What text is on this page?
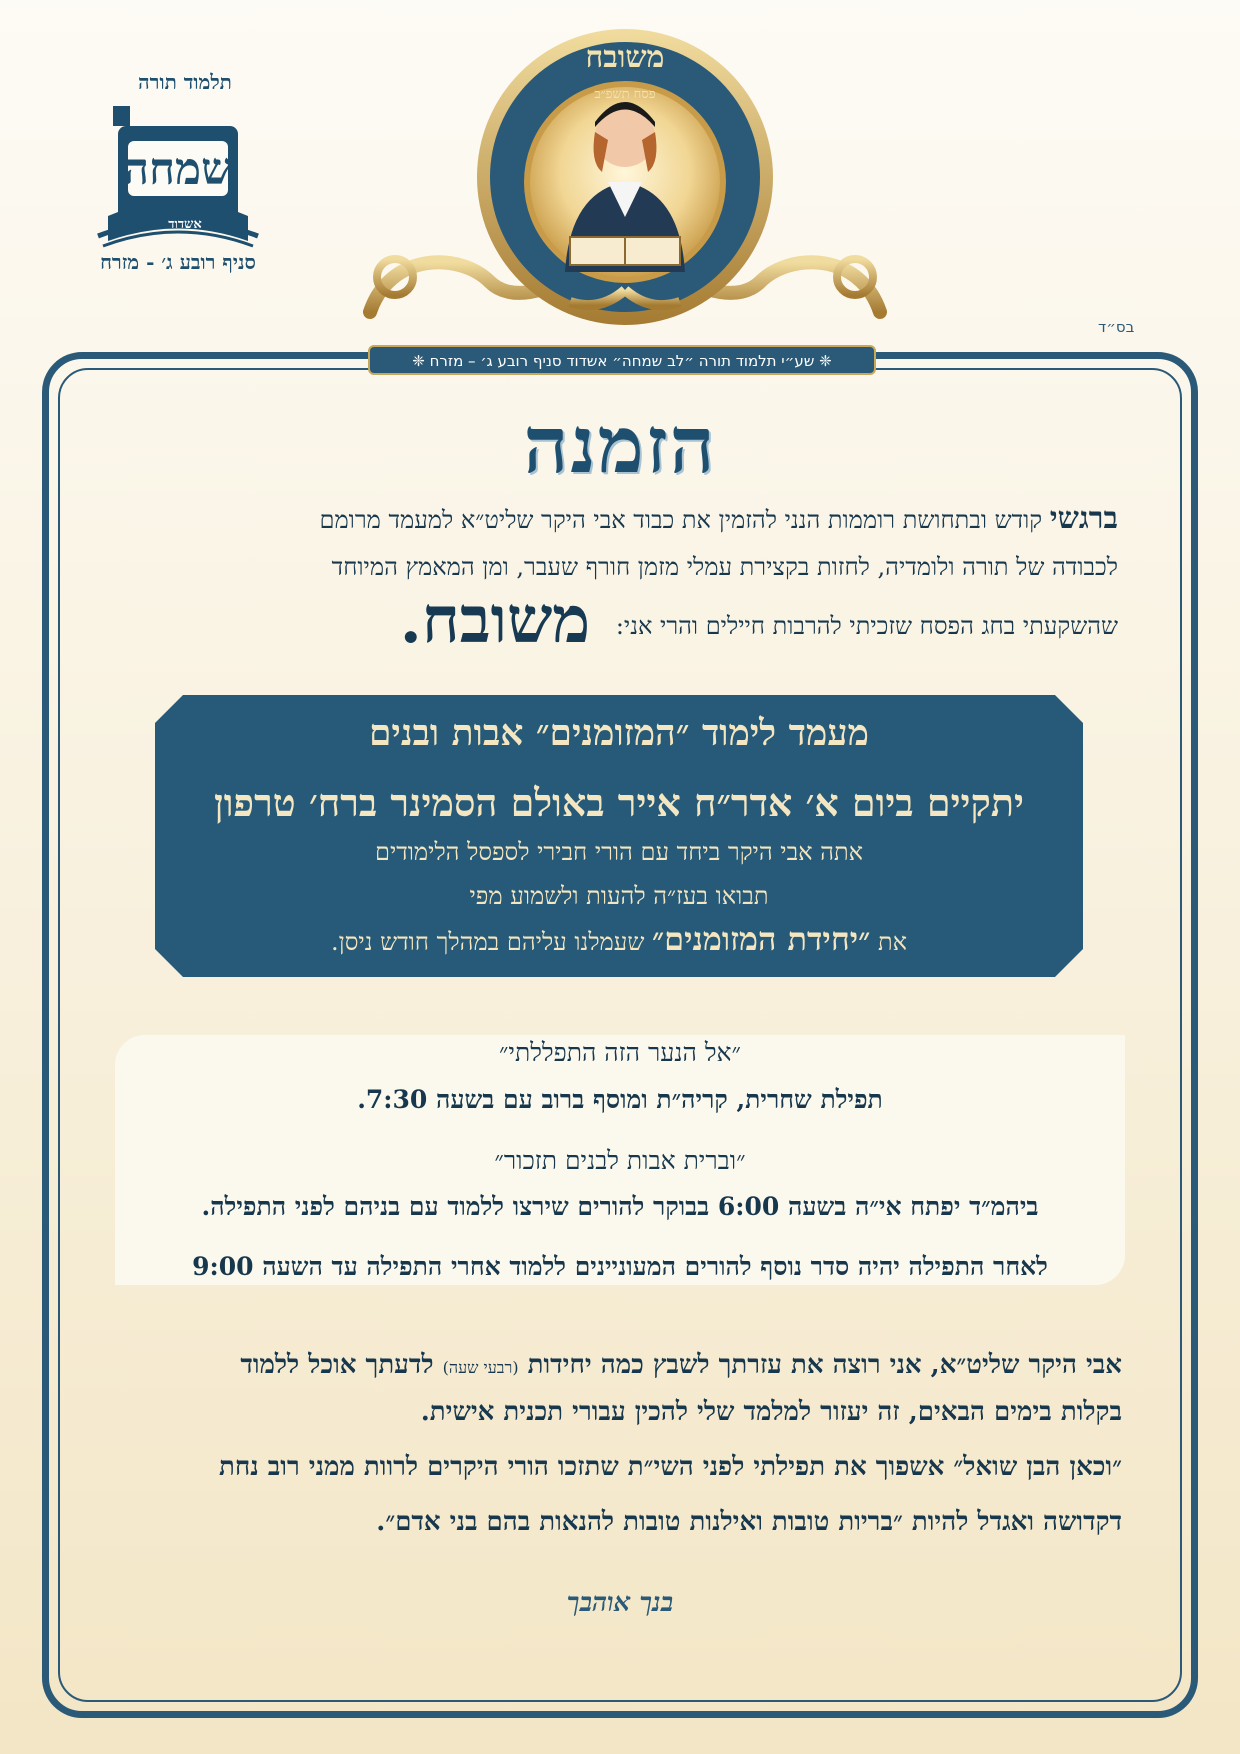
שמחה
תלמוד תורה
אשדוד
סניף רובע ג׳ - מזרח
משובח
פסח תשפ״ב
בס״ד
❈ שע״י תלמוד תורה ״לב שמחה״ אשדוד סניף רובע ג׳ – מזרח ❈
הזמנה
ברגשי קודש ובתחושת רוממות הנני להזמין את כבוד אבי היקר שליט״א למעמד מרומם
לכבודה של תורה ולומדיה, לחזות בקצירת עמלי מזמן חורף שעבר, ומן המאמץ המיוחד
שהשקעתי בחג הפסח שזכיתי להרבות חיילים והרי אני: משובח.
מעמד לימוד ״המזומנים״ אבות ובנים
יתקיים ביום א׳ אדר״ח אייר באולם הסמינר ברח׳ טרפון
אתה אבי היקר ביחד עם הורי חבירי לספסל הלימודים
תבואו בעז״ה להעות ולשמוע מפי
את ״יחידת המזומנים״ שעמלנו עליהם במהלך חודש ניסן.
״אל הנער הזה התפללתי״
תפילת שחרית, קריה״ת ומוסף ברוב עם בשעה 7:30.
״וברית אבות לבנים תזכור״
ביהמ״ד יפתח אי״ה בשעה 6:00 בבוקר להורים שירצו ללמוד עם בניהם לפני התפילה.
לאחר התפילה יהיה סדר נוסף להורים המעוניינים ללמוד אחרי התפילה עד השעה 9:00
אבי היקר שליט״א, אני רוצה את עזרתך לשבץ כמה יחידות (רבעי שעה) לדעתך אוכל ללמוד
בקלות בימים הבאים, זה יעזור למלמד שלי להכין עבורי תכנית אישית.
״וכאן הבן שואל״ אשפוך את תפילתי לפני השי״ת שתזכו הורי היקרים לרוות ממני רוב נחת
דקדושה ואגדל להיות ״בריות טובות ואילנות טובות להנאות בהם בני אדם״.
בנך אוהבך
